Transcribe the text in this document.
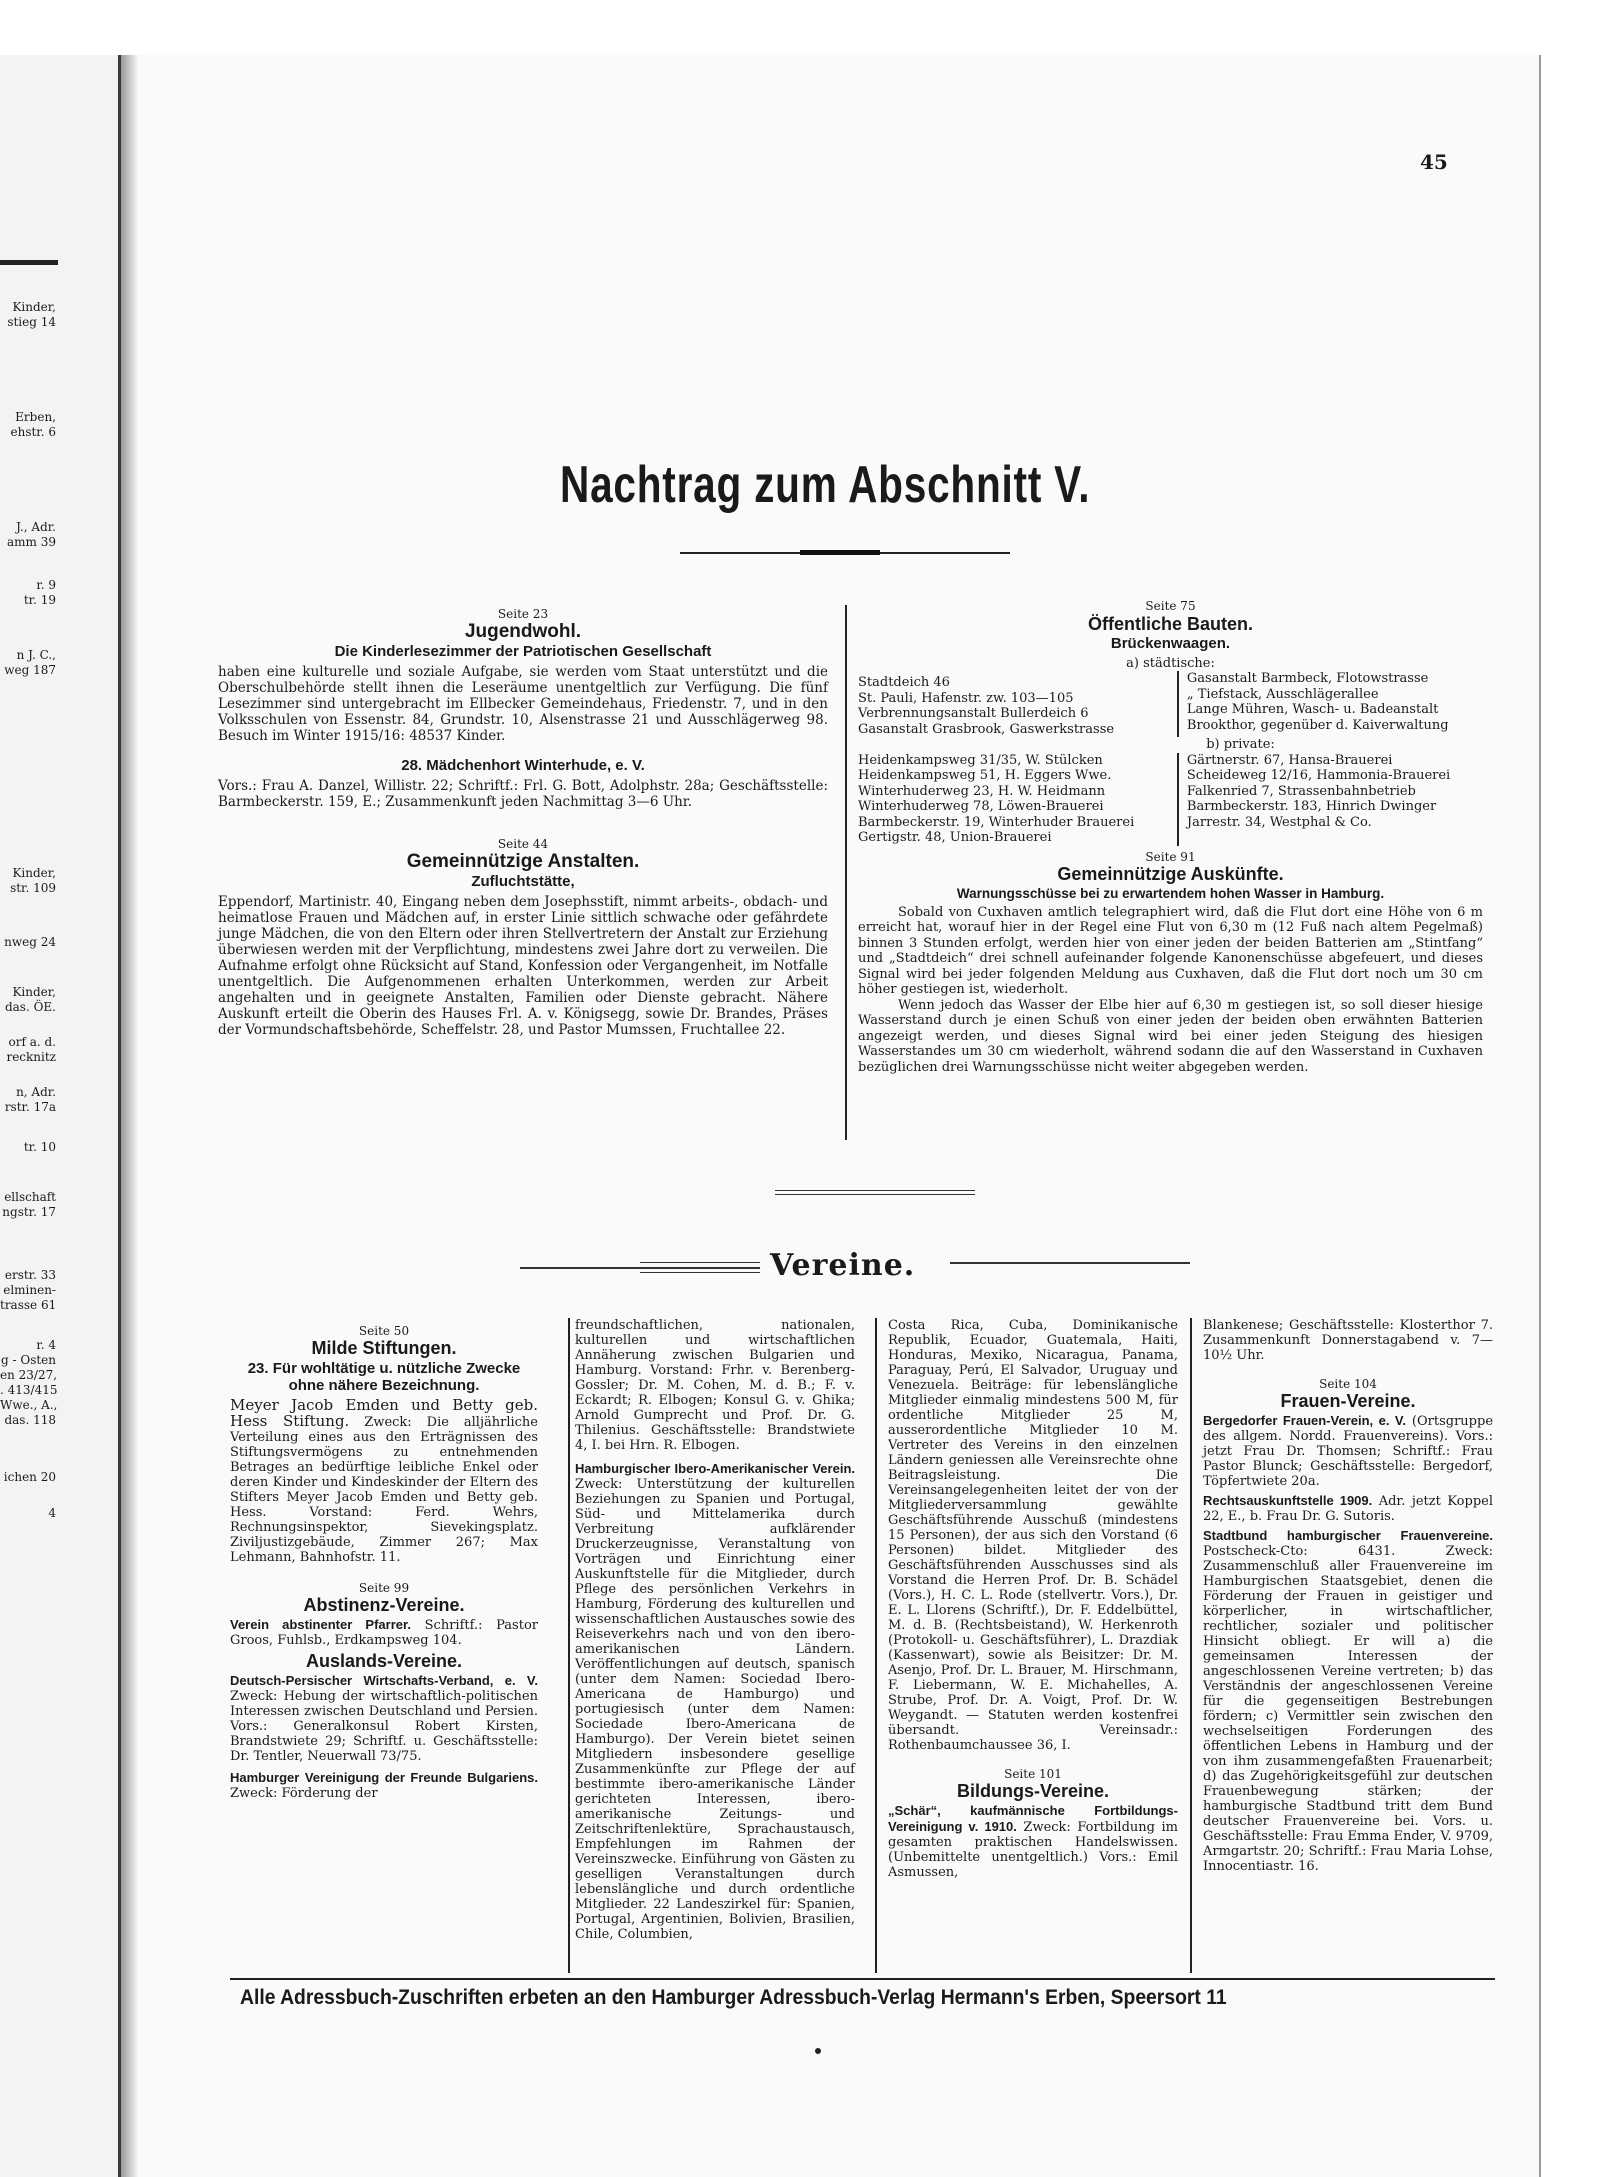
Kinder,
stieg 14
Erben,
ehstr. 6
J., Adr.
amm 39
r. 9
tr. 19
n J. C.,
weg 187
Kinder,
str. 109
nweg 24
Kinder,
das. ÖE.
orf a. d.
recknitz
n, Adr.
rstr. 17a
tr. 10
ellschaft
ngstr. 17
erstr. 33
elminen-
trasse 61
r. 4
g - Osten
en 23/27,
. 413/415
Wwe., A.,
das. 118
ichen 20
4
45
Nachtrag zum Abschnitt V.
Seite 23
Jugendwohl.
Die Kinderlesezimmer der Patriotischen Gesellschaft

haben eine kulturelle und soziale Aufgabe, sie werden vom Staat unterstützt und die Oberschulbehörde stellt ihnen die Leseräume unentgeltlich zur Verfügung. Die fünf Lesezimmer sind untergebracht im Ellbecker Gemeindehaus, Friedenstr. 7, und in den Volksschulen von Essenstr. 84, Grundstr. 10, Alsenstrasse 21 und Ausschlägerweg 98. Besuch im Winter 1915/16: 48537 Kinder.

28. Mädchenhort Winterhude, e. V.

Vors.: Frau A. Danzel, Willistr. 22; Schriftf.: Frl. G. Bott, Adolphstr. 28a; Geschäftsstelle: Barmbeckerstr. 159, E.; Zusammenkunft jeden Nachmittag 3—6 Uhr.

Seite 44
Gemeinnützige Anstalten.
Zufluchtstätte,

Eppendorf, Martinistr. 40, Eingang neben dem Josephsstift, nimmt arbeits-, obdach- und heimatlose Frauen und Mädchen auf, in erster Linie sittlich schwache oder gefährdete junge Mädchen, die von den Eltern oder ihren Stellvertretern der Anstalt zur Erziehung überwiesen werden mit der Verpflichtung, mindestens zwei Jahre dort zu verweilen. Die Aufnahme erfolgt ohne Rücksicht auf Stand, Konfession oder Vergangenheit, im Notfalle unentgeltlich. Die Aufgenommenen erhalten Unterkommen, werden zur Arbeit angehalten und in geeignete Anstalten, Familien oder Dienste gebracht. Nähere Auskunft erteilt die Oberin des Hauses Frl. A. v. Königsegg, sowie Dr. Brandes, Präses der Vormundschaftsbehörde, Scheffelstr. 28, und Pastor Mumssen, Fruchtallee 22.

Seite 75
Öffentliche Bauten.
Brückenwaagen.
a) städtische:
Stadtdeich 46
St. Pauli, Hafenstr. zw. 103—105
Verbrennungsanstalt Bullerdeich 6
Gasanstalt Grasbrook, Gaswerkstrasse
Gasanstalt Barmbeck, Flotowstrasse
„ Tiefstack, Ausschlägerallee
Lange Mühren, Wasch- u. Badeanstalt
Brookthor, gegenüber d. Kaiverwaltung
b) private:
Heidenkampsweg 31/35, W. Stülcken
Heidenkampsweg 51, H. Eggers Wwe.
Winterhuderweg 23, H. W. Heidmann
Winterhuderweg 78, Löwen-Brauerei
Barmbeckerstr. 19, Winterhuder Brauerei
Gertigstr. 48, Union-Brauerei
Gärtnerstr. 67, Hansa-Brauerei
Scheideweg 12/16, Hammonia-Brauerei
Falkenried 7, Strassenbahnbetrieb
Barmbeckerstr. 183, Hinrich Dwinger
Jarrestr. 34, Westphal & Co.
Seite 91
Gemeinnützige Auskünfte.
Warnungsschüsse bei zu erwartendem hohen Wasser in Hamburg.

Sobald von Cuxhaven amtlich telegraphiert wird, daß die Flut dort eine Höhe von 6 m erreicht hat, worauf hier in der Regel eine Flut von 6,30 m (12 Fuß nach altem Pegelmaß) binnen 3 Stunden erfolgt, werden hier von einer jeden der beiden Batterien am „Stintfang“ und „Stadtdeich“ drei schnell aufeinander folgende Kanonenschüsse abgefeuert, und dieses Signal wird bei jeder folgenden Meldung aus Cuxhaven, daß die Flut dort noch um 30 cm höher gestiegen ist, wiederholt.

Wenn jedoch das Wasser der Elbe hier auf 6,30 m gestiegen ist, so soll dieser hiesige Wasserstand durch je einen Schuß von einer jeden der beiden oben erwähnten Batterien angezeigt werden, und dieses Signal wird bei einer jeden Steigung des hiesigen Wasserstandes um 30 cm wiederholt, während sodann die auf den Wasserstand in Cuxhaven bezüglichen drei Warnungsschüsse nicht weiter abgegeben werden.

Vereine.
Seite 50
Milde Stiftungen.
23. Für wohltätige u. nützliche Zwecke ohne nähere Bezeichnung.

Meyer Jacob Emden und Betty geb. Hess Stiftung. Zweck: Die alljährliche Verteilung eines aus den Erträgnissen des Stiftungsvermögens zu entnehmenden Betrages an bedürftige leibliche Enkel oder deren Kinder und Kindeskinder der Eltern des Stifters Meyer Jacob Emden und Betty geb. Hess. Vorstand: Ferd. Wehrs, Rechnungsinspektor, Sievekingsplatz. Ziviljustizgebäude, Zimmer 267; Max Lehmann, Bahnhofstr. 11.

Seite 99
Abstinenz-Vereine.

Verein abstinenter Pfarrer. Schriftf.: Pastor Groos, Fuhlsb., Erdkampsweg 104.

Auslands-Vereine.

Deutsch-Persischer Wirtschafts-Verband, e. V. Zweck: Hebung der wirtschaftlich-politischen Interessen zwischen Deutschland und Persien. Vors.: Generalkonsul Robert Kirsten, Brandstwiete 29; Schriftf. u. Geschäftsstelle: Dr. Tentler, Neuerwall 73/75.

Hamburger Vereinigung der Freunde Bulgariens. Zweck: Förderung der

freundschaftlichen, nationalen, kulturellen und wirtschaftlichen Annäherung zwischen Bulgarien und Hamburg. Vorstand: Frhr. v. Berenberg-Gossler; Dr. M. Cohen, M. d. B.; F. v. Eckardt; R. Elbogen; Konsul G. v. Ghika; Arnold Gumprecht und Prof. Dr. G. Thilenius. Geschäftsstelle: Brandstwiete 4, I. bei Hrn. R. Elbogen.

Hamburgischer Ibero-Amerikanischer Verein. Zweck: Unterstützung der kulturellen Beziehungen zu Spanien und Portugal, Süd- und Mittelamerika durch Verbreitung aufklärender Druckerzeugnisse, Veranstaltung von Vorträgen und Einrichtung einer Auskunftstelle für die Mitglieder, durch Pflege des persönlichen Verkehrs in Hamburg, Förderung des kulturellen und wissenschaftlichen Austausches sowie des Reiseverkehrs nach und von den ibero-amerikanischen Ländern. Veröffentlichungen auf deutsch, spanisch (unter dem Namen: Sociedad Ibero-Americana de Hamburgo) und portugiesisch (unter dem Namen: Sociedade Ibero-Americana de Hamburgo). Der Verein bietet seinen Mitgliedern insbesondere gesellige Zusammenkünfte zur Pflege der auf bestimmte ibero-amerikanische Länder gerichteten Interessen, ibero-amerikanische Zeitungs- und Zeitschriftenlektüre, Sprachaustausch, Empfehlungen im Rahmen der Vereinszwecke. Einführung von Gästen zu geselligen Veranstaltungen durch lebenslängliche und durch ordentliche Mitglieder. 22 Landeszirkel für: Spanien, Portugal, Argentinien, Bolivien, Brasilien, Chile, Columbien,

Costa Rica, Cuba, Dominikanische Republik, Ecuador, Guatemala, Haiti, Honduras, Mexiko, Nicaragua, Panama, Paraguay, Perú, El Salvador, Uruguay und Venezuela. Beiträge: für lebenslängliche Mitglieder einmalig mindestens 500 M, für ordentliche Mitglieder 25 M, ausserordentliche Mitglieder 10 M. Vertreter des Vereins in den einzelnen Ländern geniessen alle Vereinsrechte ohne Beitragsleistung. Die Vereinsangelegenheiten leitet der von der Mitgliederversammlung gewählte Geschäftsführende Ausschuß (mindestens 15 Personen), der aus sich den Vorstand (6 Personen) bildet. Mitglieder des Geschäftsführenden Ausschusses sind als Vorstand die Herren Prof. Dr. B. Schädel (Vors.), H. C. L. Rode (stellvertr. Vors.), Dr. E. L. Llorens (Schriftf.), Dr. F. Eddelbüttel, M. d. B. (Rechtsbeistand), W. Herkenroth (Protokoll- u. Geschäftsführer), L. Drazdiak (Kassenwart), sowie als Beisitzer: Dr. M. Asenjo, Prof. Dr. L. Brauer, M. Hirschmann, F. Liebermann, W. E. Michahelles, A. Strube, Prof. Dr. A. Voigt, Prof. Dr. W. Weygandt. — Statuten werden kostenfrei übersandt. Vereinsadr.: Rothenbaumchaussee 36, I.

Seite 101
Bildungs-Vereine.

„Schär“, kaufmännische Fortbildungs-Vereinigung v. 1910. Zweck: Fortbildung im gesamten praktischen Handelswissen. (Unbemittelte unentgeltlich.) Vors.: Emil Asmussen,

Blankenese; Geschäftsstelle: Klosterthor 7. Zusammenkunft Donnerstagabend v. 7—10½ Uhr.

Seite 104
Frauen-Vereine.

Bergedorfer Frauen-Verein, e. V. (Ortsgruppe des allgem. Nordd. Frauenvereins). Vors.: jetzt Frau Dr. Thomsen; Schriftf.: Frau Pastor Blunck; Geschäftsstelle: Bergedorf, Töpfertwiete 20a.

Rechtsauskunftstelle 1909. Adr. jetzt Koppel 22, E., b. Frau Dr. G. Sutoris.

Stadtbund hamburgischer Frauenvereine. Postscheck-Cto: 6431. Zweck: Zusammenschluß aller Frauenvereine im Hamburgischen Staatsgebiet, denen die Förderung der Frauen in geistiger und körperlicher, in wirtschaftlicher, rechtlicher, sozialer und politischer Hinsicht obliegt. Er will a) die gemeinsamen Interessen der angeschlossenen Vereine vertreten; b) das Verständnis der angeschlossenen Vereine für die gegenseitigen Bestrebungen fördern; c) Vermittler sein zwischen den wechselseitigen Forderungen des öffentlichen Lebens in Hamburg und der von ihm zusammengefaßten Frauenarbeit; d) das Zugehörigkeitsgefühl zur deutschen Frauenbewegung stärken; der hamburgische Stadtbund tritt dem Bund deutscher Frauenvereine bei. Vors. u. Geschäftsstelle: Frau Emma Ender, V. 9709, Armgartstr. 20; Schriftf.: Frau Maria Lohse, Innocentiastr. 16.

Alle Adressbuch-Zuschriften erbeten an den Hamburger Adressbuch-Verlag Hermann's Erben, Speersort 11
